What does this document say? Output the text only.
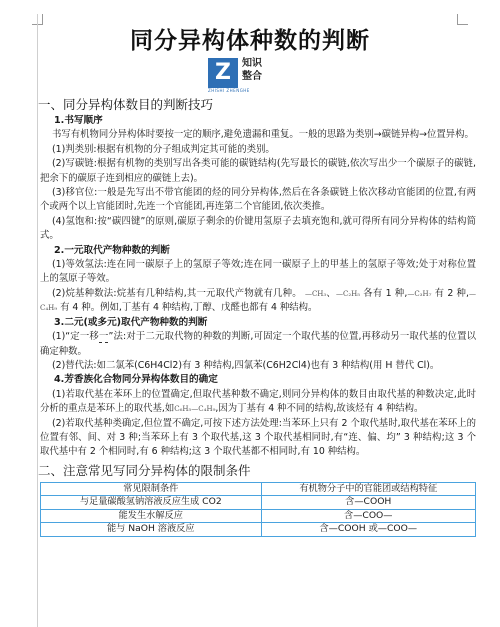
同分异构体种数的判断
Z	知识
整合
ZHISHI ZHENGHE
一、同分异构体数目的判断技巧
1.书写顺序
书写有机物同分异构体时要按一定的顺序,避免遗漏和重复。一般的思路为类别→碳链异构→位置异构。
(1)判类别:根据有机物的分子组成判定其可能的类别。
(2)写碳链:根据有机物的类别写出各类可能的碳链结构(先写最长的碳链,依次写出少一个碳原子的碳链,把余下的碳原子连到相应的碳链上去)。
(3)移官位:一般是先写出不带官能团的烃的同分异构体,然后在各条碳链上依次移动官能团的位置,有两个或两个以上官能团时,先连一个官能团,再连第二个官能团,依次类推。
(4)氢饱和:按“碳四键”的原则,碳原子剩余的价键用氢原子去填充饱和,就可得所有同分异构体的结构简式。
2.一元取代产物种数的判断
(1)等效氢法:连在同一碳原子上的氢原子等效;连在同一碳原子上的甲基上的氢原子等效;处于对称位置上的氢原子等效。
(2)烷基种数法:烷基有几种结构,其一元取代产物就有几种。 —CH₃、—C₂H₅ 各有 1 种,—C₃H₇ 有 2 种,—C₄H₉ 有 4 种。例如,丁基有 4 种结构,丁醇、戊醛也都有 4 种结构。
3.二元(或多元)取代产物种数的判断
(1)“定一移一”法:对于二元取代物的种数的判断,可固定一个取代基的位置,再移动另一取代基的位置以确定种数。
(2)替代法:如二氯苯(C6H4Cl2)有 3 种结构,四氯苯(C6H2Cl4)也有 3 种结构(用 H 替代 Cl)。
4.芳香族化合物同分异构体数目的确定
(1)若取代基在苯环上的位置确定,但取代基种数不确定,则同分异构体的数目由取代基的种数决定,此时分析的重点是苯环上的取代基,如C₆H₅—C₄H₉,因为丁基有 4 种不同的结构,故该烃有 4 种结构。
(2)若取代基种类确定,但位置不确定,可按下述方法处理:当苯环上只有 2 个取代基时,取代基在苯环上的位置有邻、间、对 3 种;当苯环上有 3 个取代基,这 3 个取代基相同时,有“连、偏、均” 3 种结构;这 3 个取代基中有 2 个相同时,有 6 种结构;这 3 个取代基都不相同时,有 10 种结构。
二、注意常见写同分异构体的限制条件
常见限制条件	有机物分子中的官能团或结构特征
与足量碳酸氢钠溶液反应生成 CO2	含—COOH
能发生水解反应	含—COO—
能与 NaOH 溶液反应	含—COOH 或—COO—
